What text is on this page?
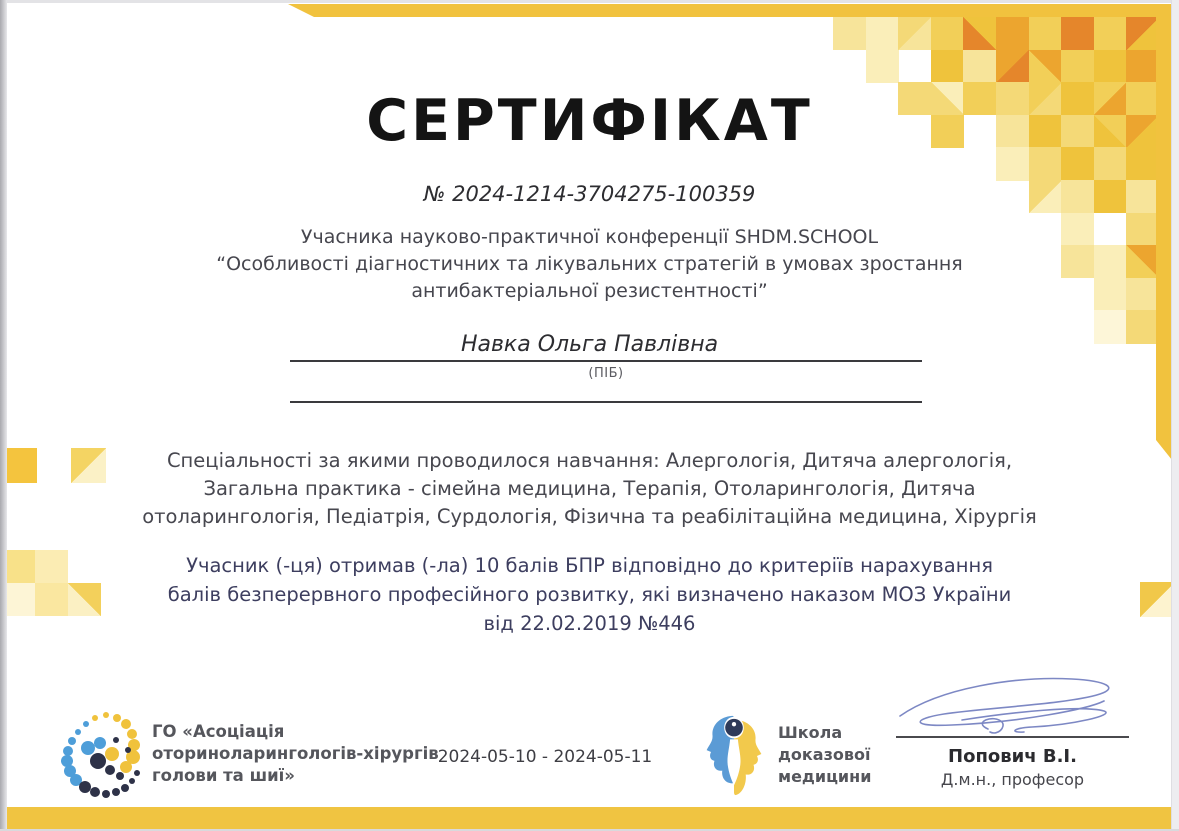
СЕРТИФІКАТ
№ 2024-1214-3704275-100359
Учасника науково-практичної конференції SHDM.SCHOOL
“Особливості діагностичних та лікувальних стратегій в умовах зростання
антибактеріальної резистентності”
Навка Ольга Павлівна
(ПІБ)
Спеціальності за якими проводилося навчання: Алергологія, Дитяча алергологія,
Загальна практика - сімейна медицина, Терапія, Отоларингологія, Дитяча
отоларингологія, Педіатрія, Сурдологія, Фізична та реабілітаційна медицина, Хірургія
Учасник (-ця) отримав (-ла) 10 балів БПР відповідно до критеріїв нарахування
балів безперервного професійного розвитку, які визначено наказом МОЗ України
від 22.02.2019 №446
ГО «Асоціація
оториноларингологів-хірургів
голови та шиї»
2024-05-10 - 2024-05-11
Школа
доказової
медицини
Попович В.І.
Д.м.н., професор
